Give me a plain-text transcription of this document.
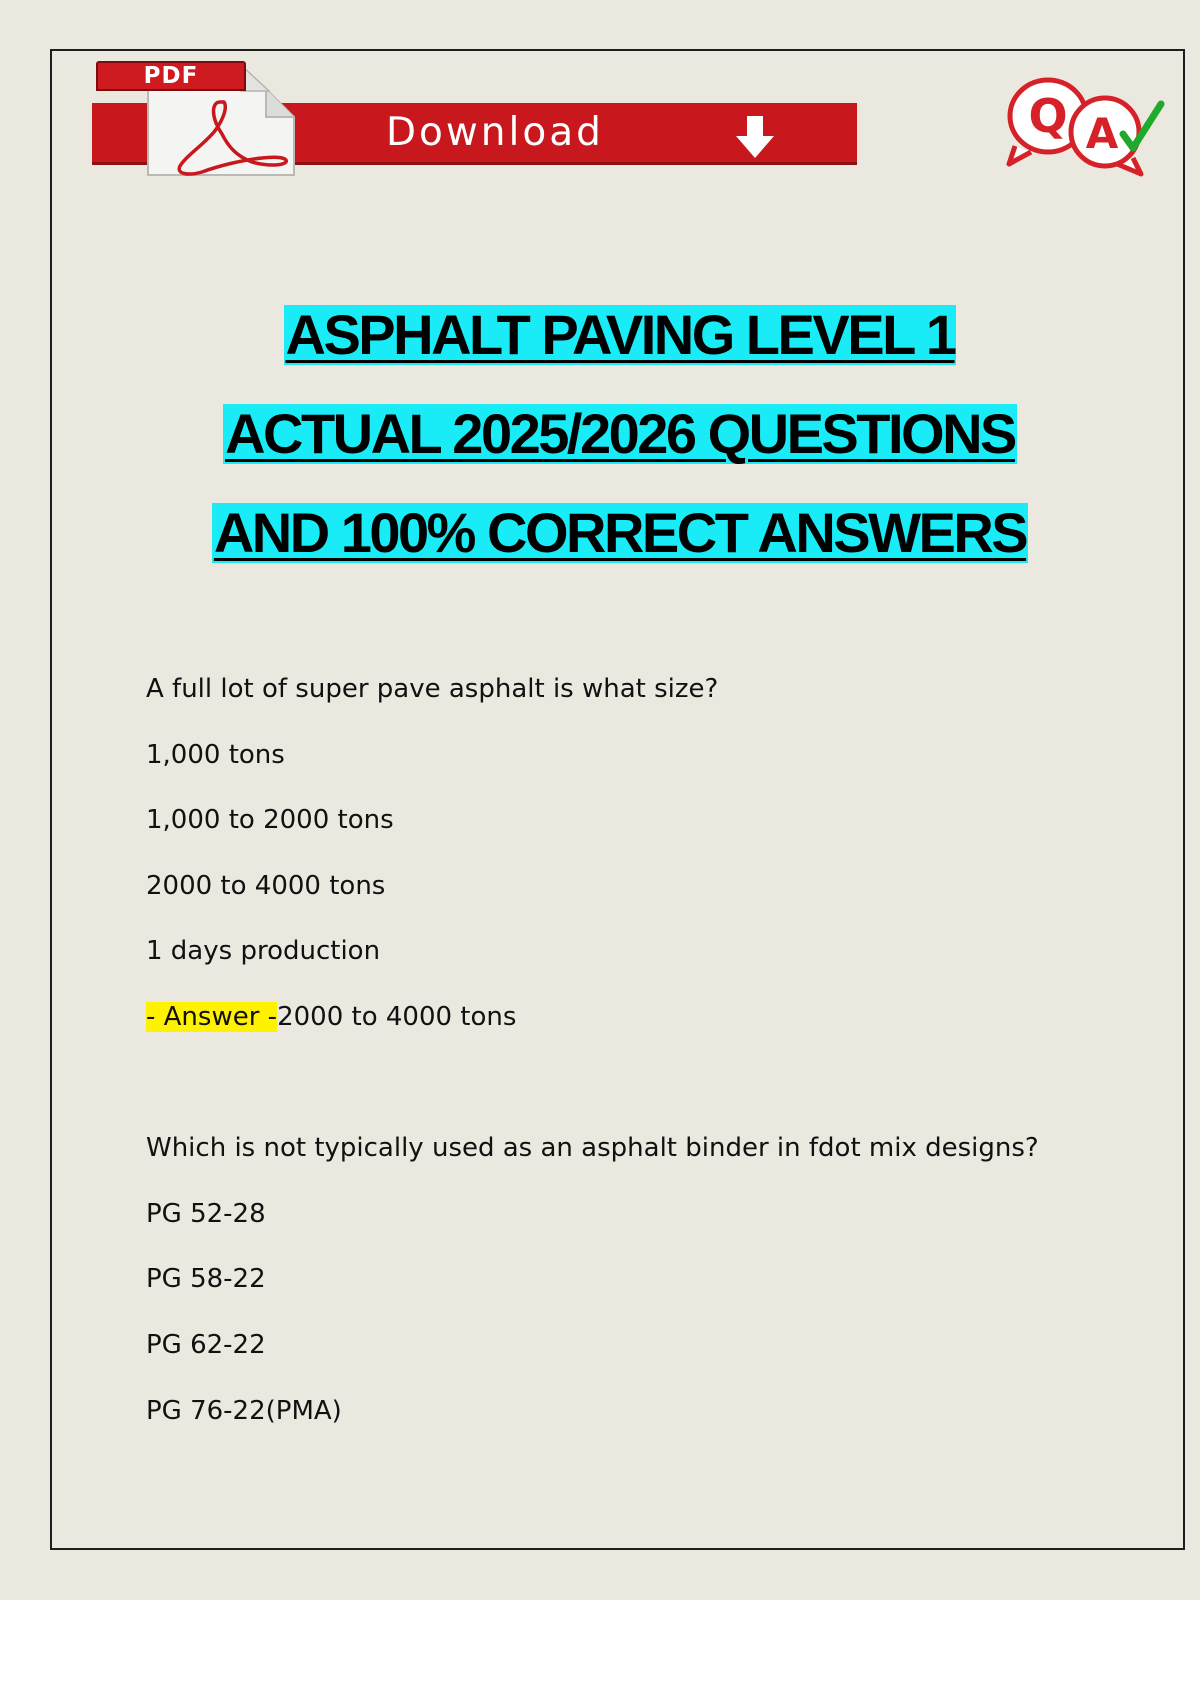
PDF
Download	Q A
ASPHALT PAVING LEVEL 1
ACTUAL 2025/2026 QUESTIONS
AND 100% CORRECT ANSWERS
A full lot of super pave asphalt is what size?
1,000 tons
1,000 to 2000 tons
2000 to 4000 tons
1 days production
- Answer -2000 to 4000 tons
Which is not typically used as an asphalt binder in fdot mix designs?
PG 52-28
PG 58-22
PG 62-22
PG 76-22(PMA)
